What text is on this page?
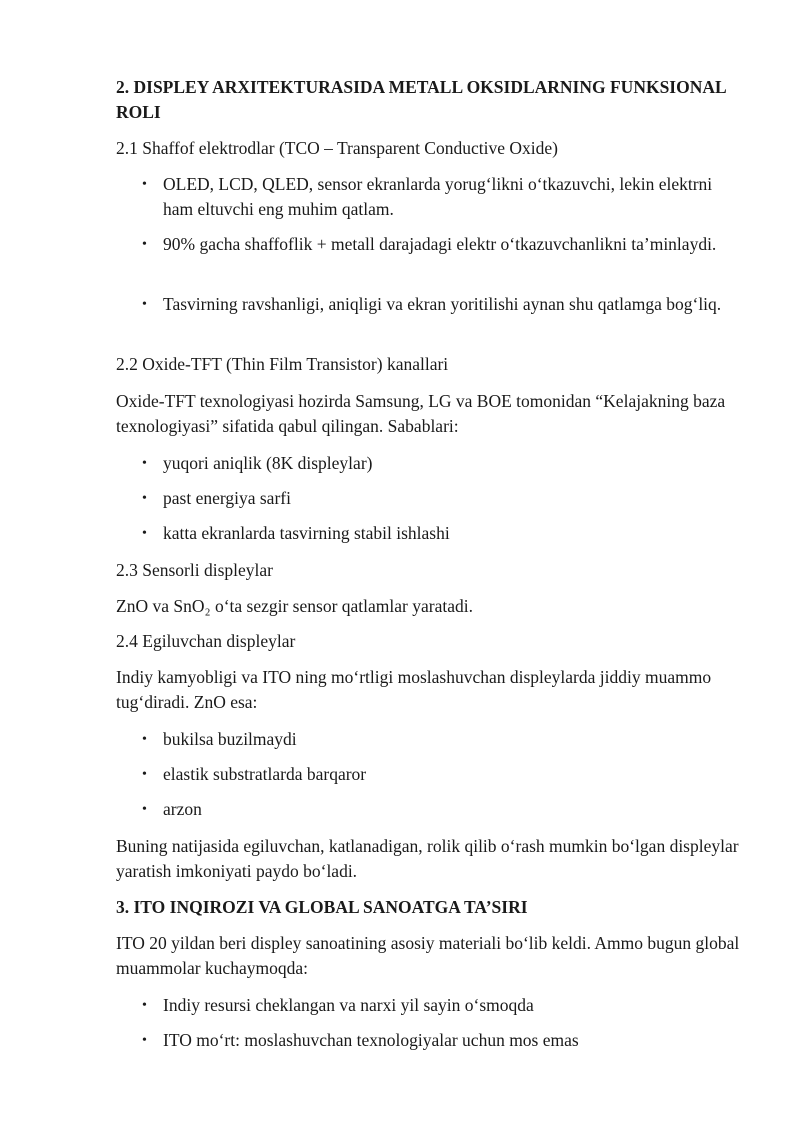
2. DISPLEY ARXITEKTURASIDA METALL OKSIDLARNING FUNKSIONAL ROLI

2.1 Shaffof elektrodlar (TCO – Transparent Conductive Oxide)

• OLED, LCD, QLED, sensor ekranlarda yorug‘likni o‘tkazuvchi, lekin elektrni ham eltuvchi eng muhim qatlam.
• 90% gacha shaffoflik + metall darajadagi elektr o‘tkazuvchanlikni ta’minlaydi.
• Tasvirning ravshanligi, aniqligi va ekran yoritilishi aynan shu qatlamga bog‘liq.

2.2 Oxide-TFT (Thin Film Transistor) kanallari

Oxide-TFT texnologiyasi hozirda Samsung, LG va BOE tomonidan “Kelajakning baza texnologiyasi” sifatida qabul qilingan. Sabablari:

• yuqori aniqlik (8K displeylar)
• past energiya sarfi
• katta ekranlarda tasvirning stabil ishlashi

2.3 Sensorli displeylar

ZnO va SnO₂ o‘ta sezgir sensor qatlamlar yaratadi.

2.4 Egiluvchan displeylar

Indiy kamyobligi va ITO ning mo‘rtligi moslashuvchan displeylarda jiddiy muammo tug‘diradi. ZnO esa:

• bukilsa buzilmaydi
• elastik substratlarda barqaror
• arzon

Buning natijasida egiluvchan, katlanadigan, rolik qilib o‘rash mumkin bo‘lgan displeylar yaratish imkoniyati paydo bo‘ladi.

3. ITO INQIROZI VA GLOBAL SANOATGA TA’SIRI

ITO 20 yildan beri displey sanoatining asosiy materiali bo‘lib keldi. Ammo bugun global muammolar kuchaymoqda:

• Indiy resursi cheklangan va narxi yil sayin o‘smoqda
• ITO mo‘rt: moslashuvchan texnologiyalar uchun mos emas
